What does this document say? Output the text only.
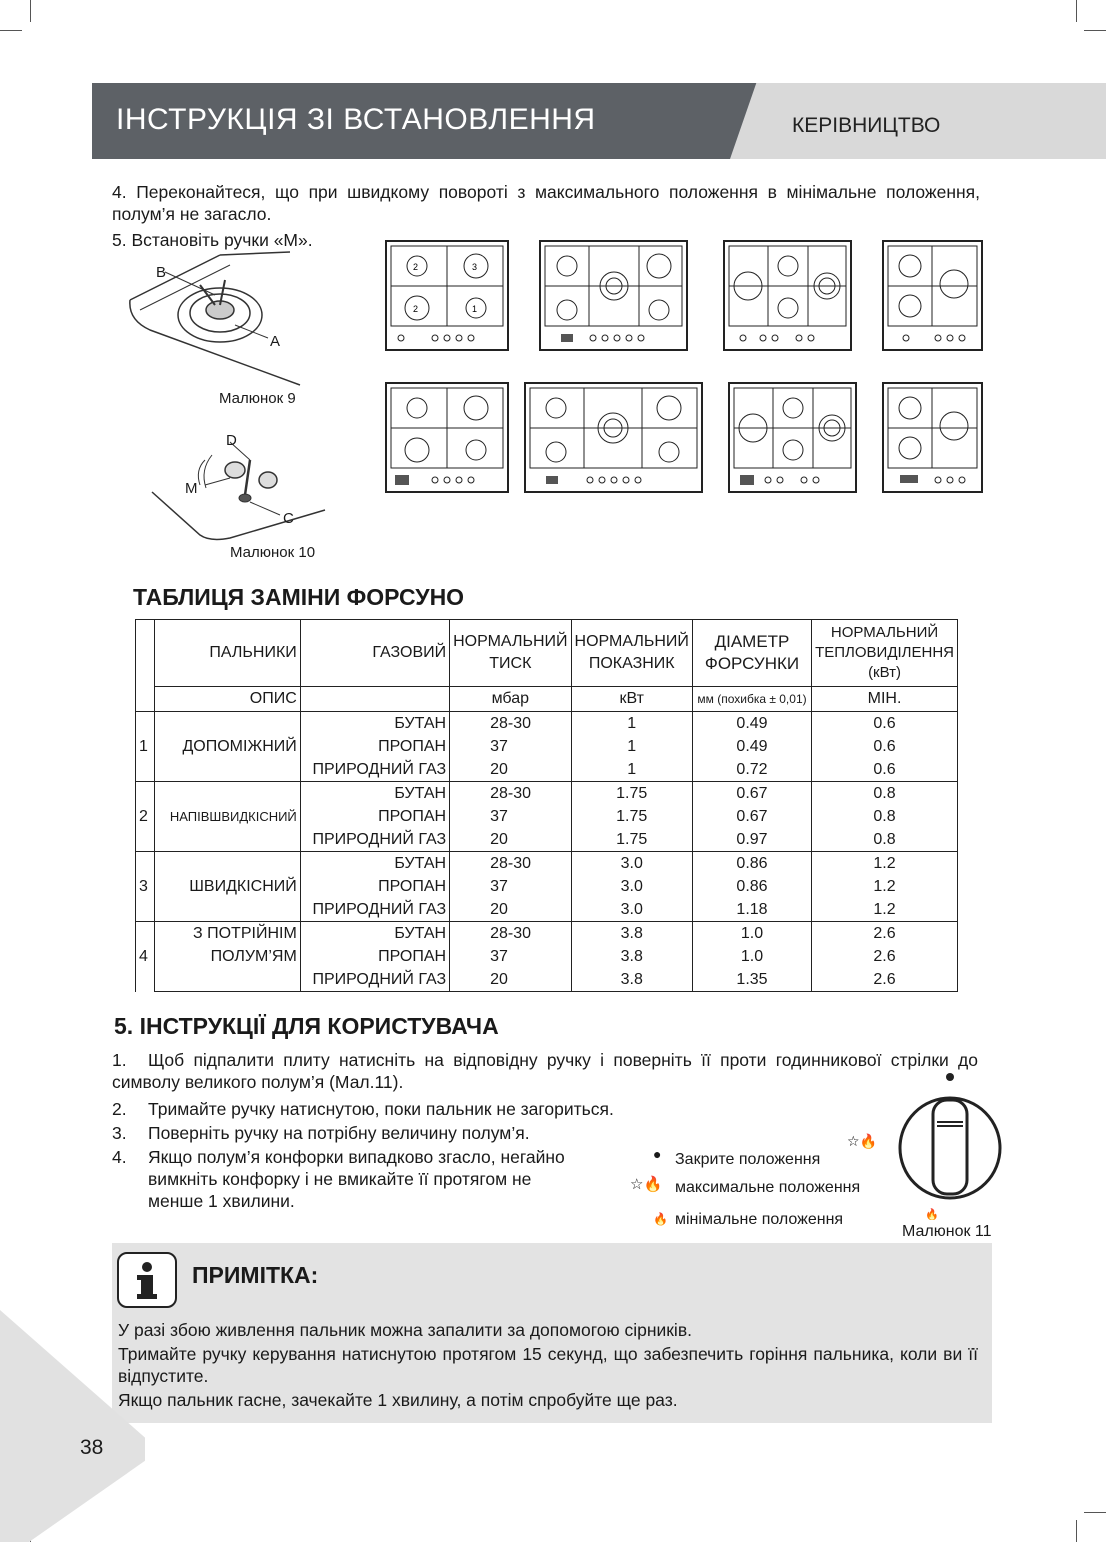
ІНСТРУКЦІЯ ЗІ ВСТАНОВЛЕННЯ	КЕРІВНИЦТВО
4. Переконайтеся, що при швидкому повороті з максимального положення в мінімальне положення, полум’я не загасло.
5. Встановіть ручки «М».
B
A
Малюнок 9
D
M
C
Малюнок 10
2	3
2	1
ТАБЛИЦЯ ЗАМІНИ ФОРСУНО
	ПАЛЬНИКИ	ГАЗОВИЙ	НОРМАЛЬНИЙ ТИСК	НОРМАЛЬНИЙ ПОКАЗНИК	ДІАМЕТР ФОРСУНКИ	НОРМАЛЬНИЙ ТЕПЛОВИДІЛЕННЯ (кВт)
	ОПИС		мбар	кВт	мм (похибка ± 0,01)	МІН.
1	ДОПОМІЖНИЙ	БУТАН	28-30	1	0.49	0.6
		ПРОПАН	37	1	0.49	0.6
		ПРИРОДНИЙ ГАЗ	20	1	0.72	0.6
2	НАПІВШВИДКІСНИЙ	БУТАН	28-30	1.75	0.67	0.8
		ПРОПАН	37	1.75	0.67	0.8
		ПРИРОДНИЙ ГАЗ	20	1.75	0.97	0.8
3	ШВИДКІСНИЙ	БУТАН	28-30	3.0	0.86	1.2
		ПРОПАН	37	3.0	0.86	1.2
		ПРИРОДНИЙ ГАЗ	20	3.0	1.18	1.2
4	З ПОТРІЙНІМ	БУТАН	28-30	3.8	1.0	2.6
	ПОЛУМ’ЯМ	ПРОПАН	37	3.8	1.0	2.6
		ПРИРОДНИЙ ГАЗ	20	3.8	1.35	2.6
5. ІНСТРУКЦІЇ ДЛЯ КОРИСТУВАЧА
1. Щоб підпалити плиту натисніть на відповідну ручку і поверніть її проти годинникової стрілки до символу великого полум’я (Мал.11).
2. Тримайте ручку натиснутою, поки пальник не загориться.
3. Поверніть ручку на потрібну величину полум’я.
4.	Якщо полум’я конфорки випадково згасло, негайно вимкніть конфорку і не вмикайте її протягом не менше 1 хвилини.
● Закрите положення
☆🔥 максимальне положення
🔥 мінімальне положення
☆🔥
🔥
Малюнок 11
ПРИМІТКА:
У разі збою живлення пальник можна запалити за допомогою сірників.
Тримайте ручку керування натиснутою протягом 15 секунд, що забезпечить горіння пальника, коли ви її відпустите.
Якщо пальник гасне, зачекайте 1 хвилину, а потім спробуйте ще раз.
38
